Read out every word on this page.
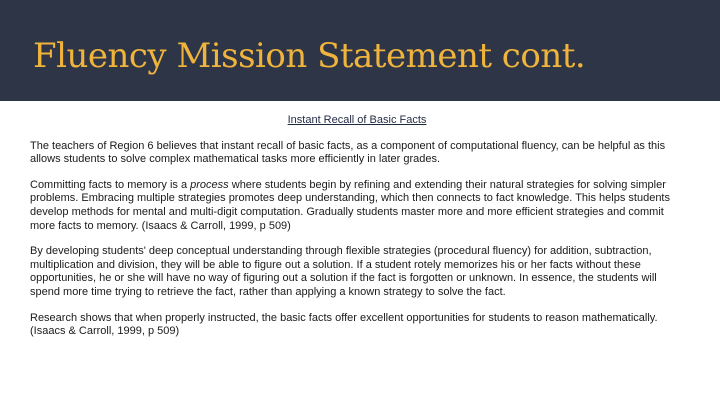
Fluency Mission Statement cont.
Instant Recall of Basic Facts

The teachers of Region 6 believes that instant recall of basic facts, as a component of computational fluency, can be helpful as this allows students to solve complex mathematical tasks more efficiently in later grades.

Committing facts to memory is a process where students begin by refining and extending their natural strategies for solving simpler problems. Embracing multiple strategies promotes deep understanding, which then connects to fact knowledge. This helps students develop methods for mental and multi-digit computation. Gradually students master more and more efficient strategies and commit more facts to memory. (Isaacs & Carroll, 1999, p 509)

By developing students' deep conceptual understanding through flexible strategies (procedural fluency) for addition, subtraction, multiplication and division, they will be able to figure out a solution. If a student rotely memorizes his or her facts without these opportunities, he or she will have no way of figuring out a solution if the fact is forgotten or unknown. In essence, the students will spend more time trying to retrieve the fact, rather than applying a known strategy to solve the fact.

Research shows that when properly instructed, the basic facts offer excellent opportunities for students to reason mathematically. (Isaacs & Carroll, 1999, p 509)
